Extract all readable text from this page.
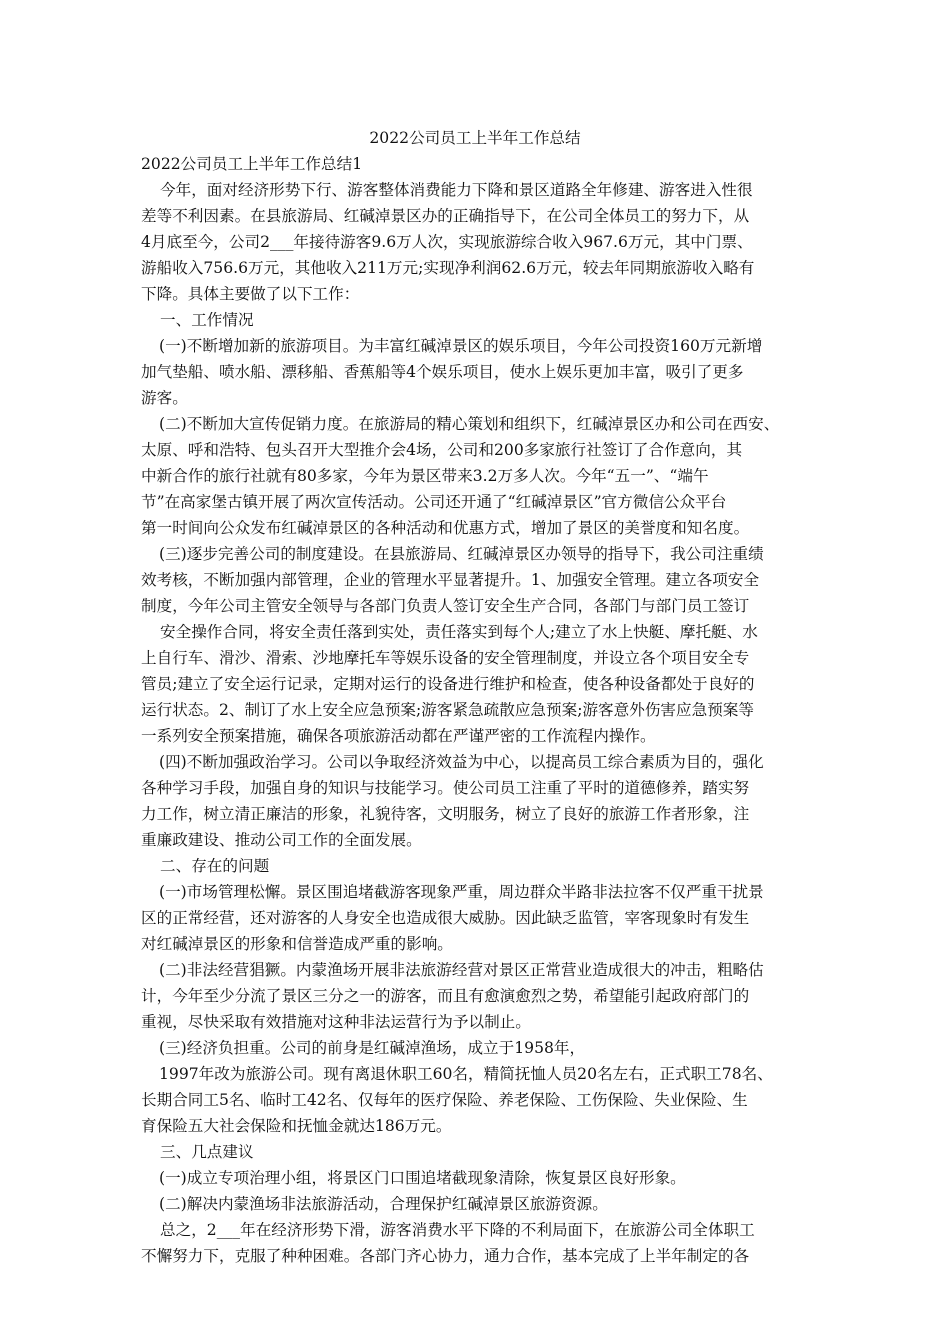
2022公司员工上半年工作总结
2022公司员工上半年工作总结1
今年，面对经济形势下行、游客整体消费能力下降和景区道路全年修建、游客进入性很
差等不利因素。在县旅游局、红碱淖景区办的正确指导下，在公司全体员工的努力下，从
4月底至今，公司2___年接待游客9.6万人次，实现旅游综合收入967.6万元，其中门票、
游船收入756.6万元，其他收入211万元;实现净利润62.6万元，较去年同期旅游收入略有
下降。具体主要做了以下工作：
一、工作情况
(一)不断增加新的旅游项目。为丰富红碱淖景区的娱乐项目，今年公司投资160万元新增
加气垫船、喷水船、漂移船、香蕉船等4个娱乐项目，使水上娱乐更加丰富，吸引了更多
游客。
(二)不断加大宣传促销力度。在旅游局的精心策划和组织下，红碱淖景区办和公司在西安、
太原、呼和浩特、包头召开大型推介会4场，公司和200多家旅行社签订了合作意向，其
中新合作的旅行社就有80多家，今年为景区带来3.2万多人次。今年“五一”、“端午
节”在高家堡古镇开展了两次宣传活动。公司还开通了“红碱淖景区”官方微信公众平台
第一时间向公众发布红碱淖景区的各种活动和优惠方式，增加了景区的美誉度和知名度。
(三)逐步完善公司的制度建设。在县旅游局、红碱淖景区办领导的指导下，我公司注重绩
效考核，不断加强内部管理，企业的管理水平显著提升。1、加强安全管理。建立各项安全
制度，今年公司主管安全领导与各部门负责人签订安全生产合同，各部门与部门员工签订
安全操作合同，将安全责任落到实处，责任落实到每个人;建立了水上快艇、摩托艇、水
上自行车、滑沙、滑索、沙地摩托车等娱乐设备的安全管理制度，并设立各个项目安全专
管员;建立了安全运行记录，定期对运行的设备进行维护和检查，使各种设备都处于良好的
运行状态。2、制订了水上安全应急预案;游客紧急疏散应急预案;游客意外伤害应急预案等
一系列安全预案措施，确保各项旅游活动都在严谨严密的工作流程内操作。
(四)不断加强政治学习。公司以争取经济效益为中心，以提高员工综合素质为目的，强化
各种学习手段，加强自身的知识与技能学习。使公司员工注重了平时的道德修养，踏实努
力工作，树立清正廉洁的形象，礼貌待客，文明服务，树立了良好的旅游工作者形象，注
重廉政建设、推动公司工作的全面发展。
二、存在的问题
(一)市场管理松懈。景区围追堵截游客现象严重，周边群众半路非法拉客不仅严重干扰景
区的正常经营，还对游客的人身安全也造成很大威胁。因此缺乏监管，宰客现象时有发生
对红碱淖景区的形象和信誉造成严重的影响。
(二)非法经营猖獗。内蒙渔场开展非法旅游经营对景区正常营业造成很大的冲击，粗略估
计，今年至少分流了景区三分之一的游客，而且有愈演愈烈之势，希望能引起政府部门的
重视，尽快采取有效措施对这种非法运营行为予以制止。
(三)经济负担重。公司的前身是红碱淖渔场，成立于1958年，
1997年改为旅游公司。现有离退休职工60名，精简抚恤人员20名左右，正式职工78名、
长期合同工5名、临时工42名、仅每年的医疗保险、养老保险、工伤保险、失业保险、生
育保险五大社会保险和抚恤金就达186万元。
三、几点建议
(一)成立专项治理小组，将景区门口围追堵截现象清除，恢复景区良好形象。
(二)解决内蒙渔场非法旅游活动，合理保护红碱淖景区旅游资源。
总之，2___年在经济形势下滑，游客消费水平下降的不利局面下，在旅游公司全体职工
不懈努力下，克服了种种困难。各部门齐心协力，通力合作，基本完成了上半年制定的各
